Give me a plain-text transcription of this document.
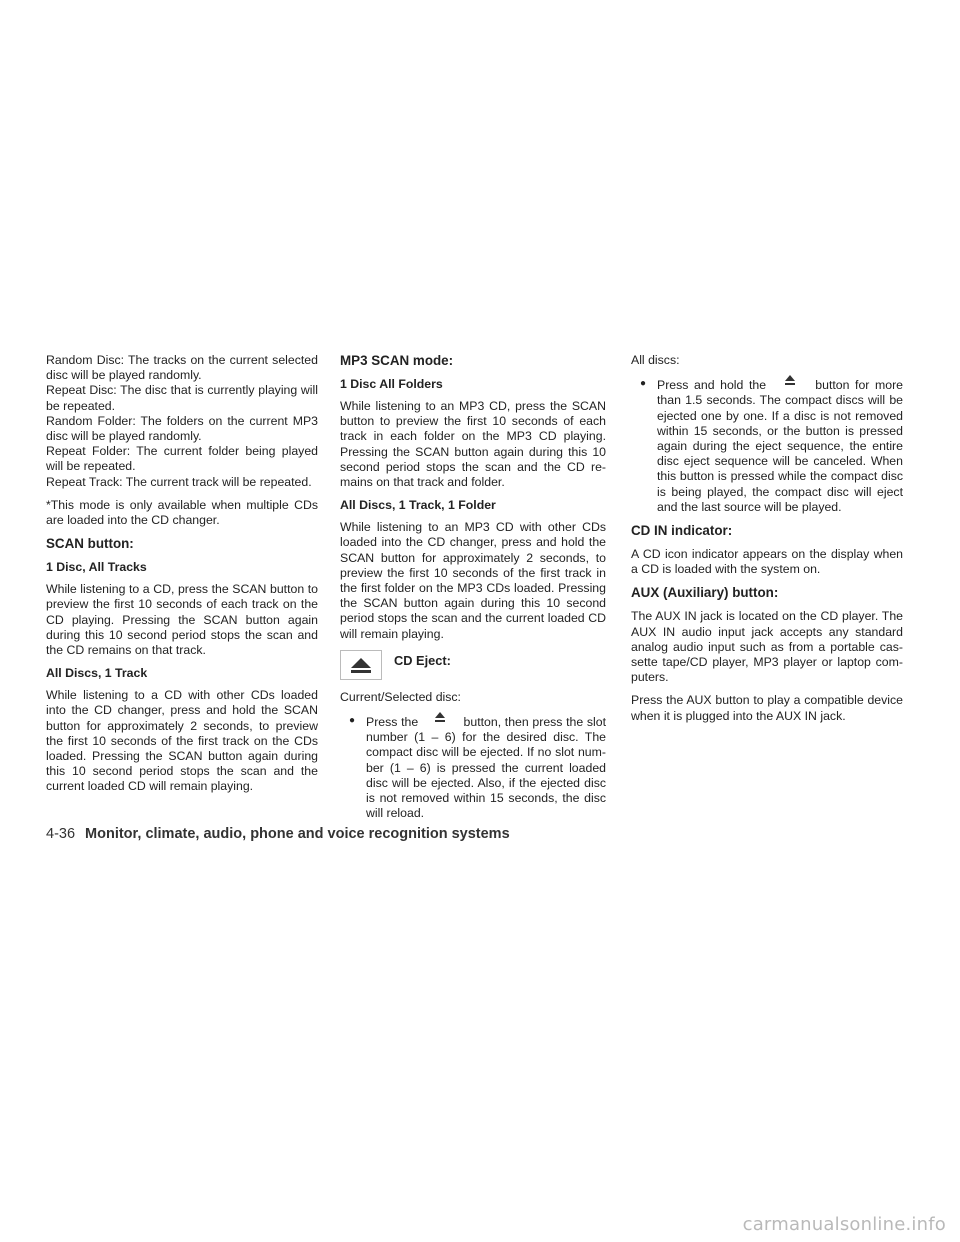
Random Disc: The tracks on the current selected disc will be played randomly.

Repeat Disc: The disc that is currently playing will be repeated.

Random Folder: The folders on the current MP3 disc will be played randomly.

Repeat Folder: The current folder being played will be repeated.

Repeat Track: The current track will be repeated.

*This mode is only available when multiple CDs are loaded into the CD changer.

SCAN button:
1 Disc, All Tracks

While listening to a CD, press the SCAN button to preview the first 10 seconds of each track on the CD playing. Pressing the SCAN button again during this 10 second period stops the scan and the CD remains on that track.

All Discs, 1 Track

While listening to a CD with other CDs loaded into the CD changer, press and hold the SCAN button for approximately 2 seconds, to preview the first 10 seconds of the first track on the CDs loaded. Pressing the SCAN button again during this 10 second period stops the scan and the current loaded CD will remain playing.

MP3 SCAN mode:
1 Disc All Folders

While listening to an MP3 CD, press the SCAN button to preview the first 10 seconds of each track in each folder on the MP3 CD playing. Pressing the SCAN button again during this 10 second period stops the scan and the CD re- mains on that track and folder.

All Discs, 1 Track, 1 Folder

While listening to an MP3 CD with other CDs loaded into the CD changer, press and hold the SCAN button for approximately 2 seconds, to preview the first 10 seconds of the first track in the first folder on the MP3 CDs loaded. Pressing the SCAN button again during this 10 second period stops the scan and the current loaded CD will remain playing.

CD Eject:

Current/Selected disc:

● Press the	button, then press the slot number (1 – 6) for the desired disc. The compact disc will be ejected. If no slot num- ber (1 – 6) is pressed the current loaded disc will be ejected. Also, if the ejected disc is not removed within 15 seconds, the disc will reload.

All discs:

● Press and hold the	button for more than 1.5 seconds. The compact discs will be ejected one by one. If a disc is not removed within 15 seconds, or the button is pressed again during the eject sequence, the entire disc eject sequence will be canceled. When this button is pressed while the compact disc is being played, the compact disc will eject and the last source will be played.
CD IN indicator:

A CD icon indicator appears on the display when a CD is loaded with the system on.

AUX (Auxiliary) button:

The AUX IN jack is located on the CD player. The AUX IN audio input jack accepts any standard analog audio input such as from a portable cas- sette tape/CD player, MP3 player or laptop com- puters.

Press the AUX button to play a compatible device when it is plugged into the AUX IN jack.

4-36 Monitor, climate, audio, phone and voice recognition systems
carmanualsonline.info
